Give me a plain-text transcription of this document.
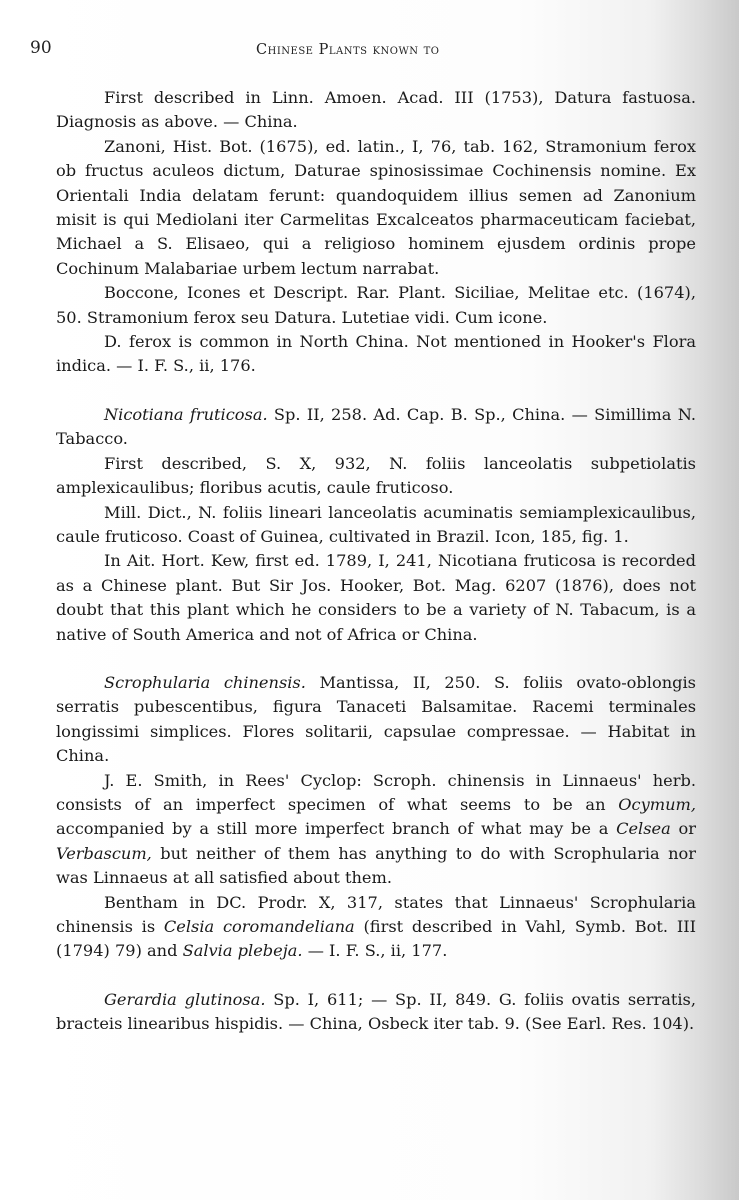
90	Chinese Plants known to

First described in Linn. Amoen. Acad. III (1753), Datura fastuosa. Diagnosis as above. — China.

Zanoni, Hist. Bot. (1675), ed. latin., I, 76, tab. 162, Stramonium ferox ob fructus aculeos dictum, Daturae spinosissimae Cochinensis nomine. Ex Orientali India delatam ferunt: quandoquidem illius semen ad Zanonium misit is qui Mediolani iter Carmelitas Excalceatos pharmaceuticam faciebat, Michael a S. Elisaeo, qui a religioso hominem ejusdem ordinis prope Cochinum Malabariae urbem lectum narrabat.

Boccone, Icones et Descript. Rar. Plant. Siciliae, Melitae etc. (1674), 50. Stramonium ferox seu Datura. Lutetiae vidi. Cum icone.

D. ferox is common in North China. Not mentioned in Hooker's Flora indica. — I. F. S., ii, 176.

Nicotiana fruticosa. Sp. II, 258. Ad. Cap. B. Sp., China. — Simillima N. Tabacco.

First described, S. X, 932, N. foliis lanceolatis subpetiolatis amplexicaulibus; floribus acutis, caule fruticoso.

Mill. Dict., N. foliis lineari lanceolatis acuminatis semiamplexicaulibus, caule fruticoso. Coast of Guinea, cultivated in Brazil. Icon, 185, fig. 1.

In Ait. Hort. Kew, first ed. 1789, I, 241, Nicotiana fruticosa is recorded as a Chinese plant. But Sir Jos. Hooker, Bot. Mag. 6207 (1876), does not doubt that this plant which he considers to be a variety of N. Tabacum, is a native of South America and not of Africa or China.

Scrophularia chinensis. Mantissa, II, 250. S. foliis ovato-oblongis serratis pubescentibus, figura Tanaceti Balsamitae. Racemi terminales longissimi simplices. Flores solitarii, capsulae compressae. — Habitat in China.

J. E. Smith, in Rees' Cyclop: Scroph. chinensis in Linnaeus' herb. consists of an imperfect specimen of what seems to be an Ocymum, accompanied by a still more imperfect branch of what may be a Celsea or Verbascum, but neither of them has anything to do with Scrophularia nor was Linnaeus at all satisfied about them.

Bentham in DC. Prodr. X, 317, states that Linnaeus' Scrophularia chinensis is Celsia coromandeliana (first described in Vahl, Symb. Bot. III (1794) 79) and Salvia plebeja. — I. F. S., ii, 177.

Gerardia glutinosa. Sp. I, 611; — Sp. II, 849. G. foliis ovatis serratis, bracteis linearibus hispidis. — China, Osbeck iter tab. 9. (See Earl. Res. 104).
